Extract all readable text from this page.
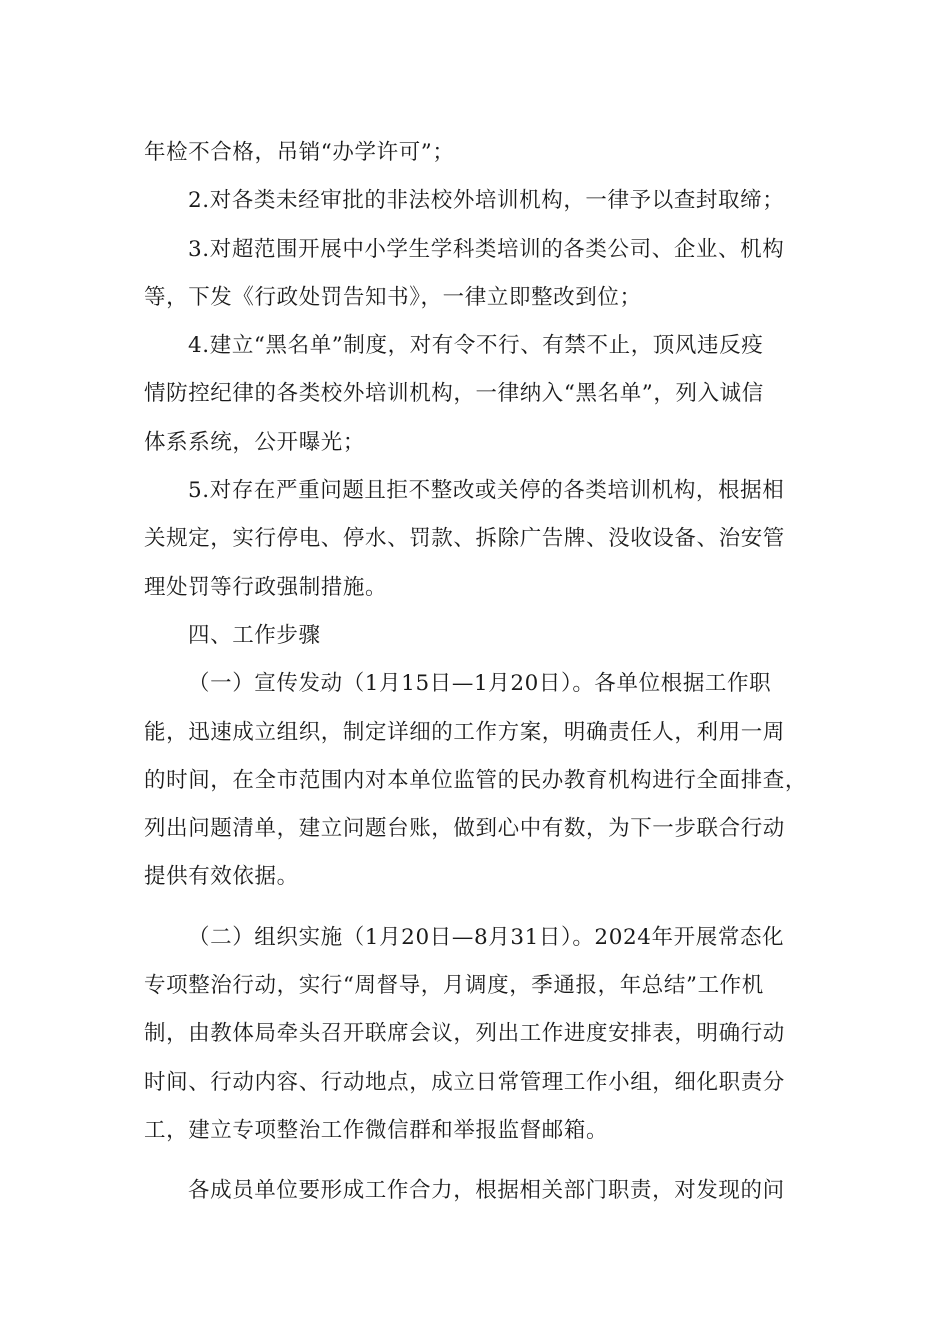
年检不合格，吊销“办学许可”；
2.对各类未经审批的非法校外培训机构，一律予以查封取缔；
3.对超范围开展中小学生学科类培训的各类公司、企业、机构
等，下发《行政处罚告知书》，一律立即整改到位；
4.建立“黑名单”制度，对有令不行、有禁不止，顶风违反疫
情防控纪律的各类校外培训机构，一律纳入“黑名单”，列入诚信
体系系统，公开曝光；
5.对存在严重问题且拒不整改或关停的各类培训机构，根据相
关规定，实行停电、停水、罚款、拆除广告牌、没收设备、治安管
理处罚等行政强制措施。
四、工作步骤
（一）宣传发动（1月15日—1月20日）。各单位根据工作职
能，迅速成立组织，制定详细的工作方案，明确责任人，利用一周
的时间，在全市范围内对本单位监管的民办教育机构进行全面排查，
列出问题清单，建立问题台账，做到心中有数，为下一步联合行动
提供有效依据。
（二）组织实施（1月20日—8月31日）。2024年开展常态化
专项整治行动，实行“周督导，月调度，季通报，年总结”工作机
制，由教体局牵头召开联席会议，列出工作进度安排表，明确行动
时间、行动内容、行动地点，成立日常管理工作小组，细化职责分
工，建立专项整治工作微信群和举报监督邮箱。
各成员单位要形成工作合力，根据相关部门职责，对发现的问
